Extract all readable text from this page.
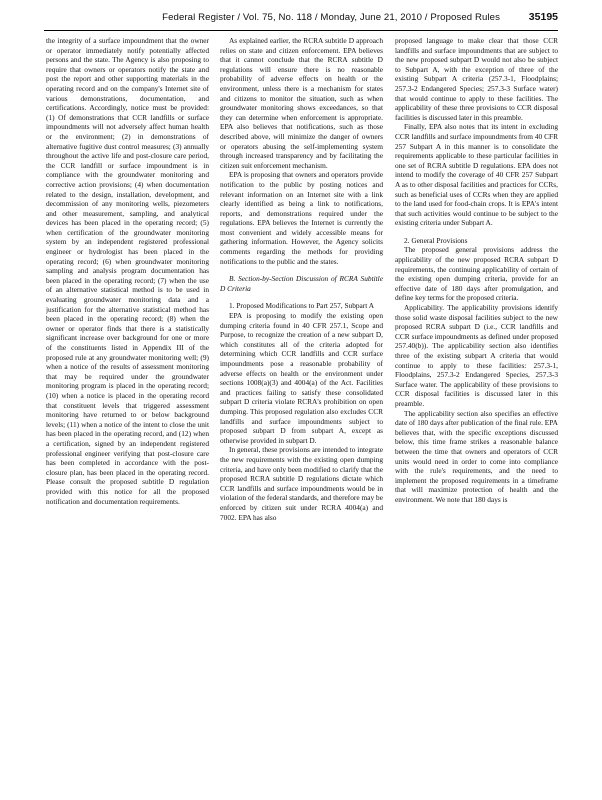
Federal Register / Vol. 75, No. 118 / Monday, June 21, 2010 / Proposed Rules	35195

the integrity of a surface impoundment that the owner or operator immediately notify potentially affected persons and the state. The Agency is also proposing to require that owners or operators notify the state and post the report and other supporting materials in the operating record and on the company's Internet site of various demonstrations, documentation, and certifications. Accordingly, notice must be provided: (1) Of demonstrations that CCR landfills or surface impoundments will not adversely affect human health or the environment; (2) in demonstrations of alternative fugitive dust control measures; (3) annually throughout the active life and post-closure care period, the CCR landfill or surface impoundment is in compliance with the groundwater monitoring and corrective action provisions; (4) when documentation related to the design, installation, development, and decommission of any monitoring wells, piezometers and other measurement, sampling, and analytical devices has been placed in the operating record; (5) when certification of the groundwater monitoring system by an independent registered professional engineer or hydrologist has been placed in the operating record; (6) when groundwater monitoring sampling and analysis program documentation has been placed in the operating record; (7) when the use of an alternative statistical method is to be used in evaluating groundwater monitoring data and a justification for the alternative statistical method has been placed in the operating record; (8) when the owner or operator finds that there is a statistically significant increase over background for one or more of the constituents listed in Appendix III of the proposed rule at any groundwater monitoring well; (9) when a notice of the results of assessment monitoring that may be required under the groundwater monitoring program is placed in the operating record; (10) when a notice is placed in the operating record that constituent levels that triggered assessment monitoring have returned to or below background levels; (11) when a notice of the intent to close the unit has been placed in the operating record, and (12) when a certification, signed by an independent registered professional engineer verifying that post-closure care has been completed in accordance with the post-closure plan, has been placed in the operating record. Please consult the proposed subtitle D regulation provided with this notice for all the proposed notification and documentation requirements.

As explained earlier, the RCRA subtitle D approach relies on state and citizen enforcement. EPA believes that it cannot conclude that the RCRA subtitle D regulations will ensure there is no reasonable probability of adverse effects on health or the environment, unless there is a mechanism for states and citizens to monitor the situation, such as when groundwater monitoring shows exceedances, so that they can determine when enforcement is appropriate. EPA also believes that notifications, such as those described above, will minimize the danger of owners or operators abusing the self-implementing system through increased transparency and by facilitating the citizen suit enforcement mechanism.

EPA is proposing that owners and operators provide notification to the public by posting notices and relevant information on an Internet site with a link clearly identified as being a link to notifications, reports, and demonstrations required under the regulations. EPA believes the Internet is currently the most convenient and widely accessible means for gathering information. However, the Agency solicits comments regarding the methods for providing notifications to the public and the states.

B. Section-by-Section Discussion of RCRA Subtitle D Criteria
1. Proposed Modifications to Part 257, Subpart A

EPA is proposing to modify the existing open dumping criteria found in 40 CFR 257.1, Scope and Purpose, to recognize the creation of a new subpart D, which constitutes all of the criteria adopted for determining which CCR landfills and CCR surface impoundments pose a reasonable probability of adverse effects on health or the environment under sections 1008(a)(3) and 4004(a) of the Act. Facilities and practices failing to satisfy these consolidated subpart D criteria violate RCRA's prohibition on open dumping. This proposed regulation also excludes CCR landfills and surface impoundments subject to proposed subpart D from subpart A, except as otherwise provided in subpart D.

In general, these provisions are intended to integrate the new requirements with the existing open dumping criteria, and have only been modified to clarify that the proposed RCRA subtitle D regulations dictate which CCR landfills and surface impoundments would be in violation of the federal standards, and therefore may be enforced by citizen suit under RCRA 4004(a) and 7002. EPA has also

proposed language to make clear that those CCR landfills and surface impoundments that are subject to the new proposed subpart D would not also be subject to Subpart A, with the exception of three of the existing Subpart A criteria (257.3-1, Floodplains; 257.3-2 Endangered Species; 257.3-3 Surface water) that would continue to apply to these facilities. The applicability of these three provisions to CCR disposal facilities is discussed later in this preamble.

Finally, EPA also notes that its intent in excluding CCR landfills and surface impoundments from 40 CFR 257 Subpart A in this manner is to consolidate the requirements applicable to these particular facilities in one set of RCRA subtitle D regulations. EPA does not intend to modify the coverage of 40 CFR 257 Subpart A as to other disposal facilities and practices for CCRs, such as beneficial uses of CCRs when they are applied to the land used for food-chain crops. It is EPA's intent that such activities would continue to be subject to the existing criteria under Subpart A.

2. General Provisions

The proposed general provisions address the applicability of the new proposed RCRA subpart D requirements, the continuing applicability of certain of the existing open dumping criteria, provide for an effective date of 180 days after promulgation, and define key terms for the proposed criteria.

Applicability. The applicability provisions identify those solid waste disposal facilities subject to the new proposed RCRA subpart D (i.e., CCR landfills and CCR surface impoundments as defined under proposed 257.40(b)). The applicability section also identifies three of the existing subpart A criteria that would continue to apply to these facilities: 257.3-1, Floodplains, 257.3-2 Endangered Species, 257.3-3 Surface water. The applicability of these provisions to CCR disposal facilities is discussed later in this preamble.

The applicability section also specifies an effective date of 180 days after publication of the final rule. EPA believes that, with the specific exceptions discussed below, this time frame strikes a reasonable balance between the time that owners and operators of CCR units would need in order to come into compliance with the rule's requirements, and the need to implement the proposed requirements in a timeframe that will maximize protection of health and the environment. We note that 180 days is
